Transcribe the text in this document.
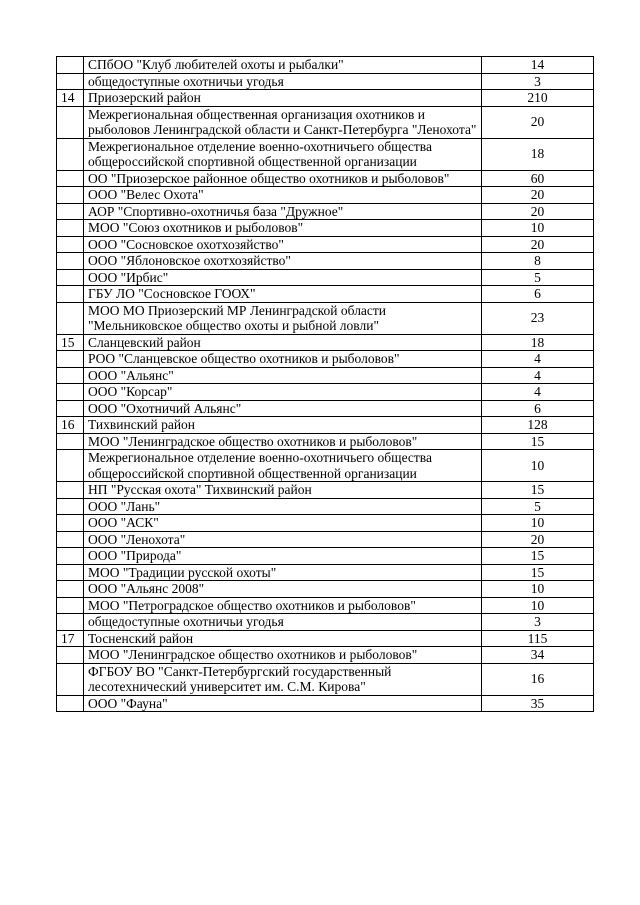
	СПбОО "Клуб любителей охоты и рыбалки"	14
	общедоступные охотничьи угодья	3
14	Приозерский район	210
	Межрегиональная общественная организация охотников и рыболовов Ленинградской области и Санкт-Петербурга "Ленохота"	20
	Межрегиональное отделение военно-охотничьего общества общероссийской спортивной общественной организации	18
	ОО "Приозерское районное общество охотников и рыболовов"	60
	ООО "Велес Охота"	20
	АОР "Спортивно-охотничья база "Дружное"	20
	МОО "Союз охотников и рыболовов"	10
	ООО "Сосновское охотхозяйство"	20
	ООО "Яблоновское охотхозяйство"	8
	ООО "Ирбис"	5
	ГБУ ЛО "Сосновское ГООХ"	6
	МОО МО Приозерский МР Ленинградской области "Мельниковское общество охоты и рыбной ловли"	23
15	Сланцевский район	18
	РОО "Сланцевское общество охотников и рыболовов"	4
	ООО "Альянс"	4
	ООО "Корсар"	4
	ООО "Охотничий Альянс"	6
16	Тихвинский район	128
	МОО "Ленинградское общество охотников и рыболовов"	15
	Межрегиональное отделение военно-охотничьего общества общероссийской спортивной общественной организации	10
	НП "Русская охота" Тихвинский район	15
	ООО "Лань"	5
	ООО "АСК"	10
	ООО "Ленохота"	20
	ООО "Природа"	15
	МОО "Традиции русской охоты"	15
	ООО "Альянс 2008"	10
	МОО "Петроградское общество охотников и рыболовов"	10
	общедоступные охотничьи угодья	3
17	Тосненский район	115
	МОО "Ленинградское общество охотников и рыболовов"	34
	ФГБОУ ВО "Санкт-Петербургский государственный лесотехнический университет им. С.М. Кирова"	16
	ООО "Фауна"	35
